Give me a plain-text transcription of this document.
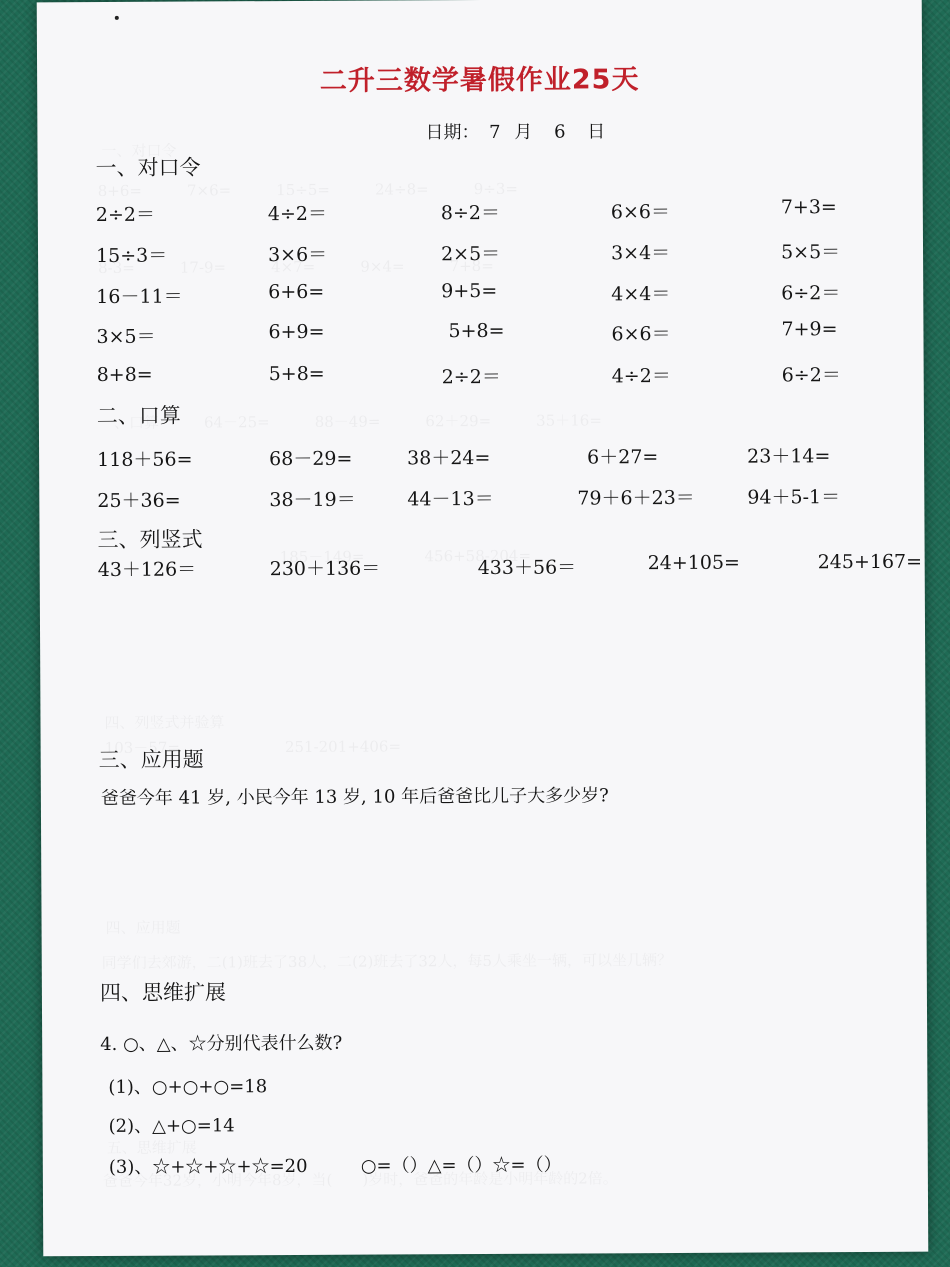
二升三数学暑假作业25天
日期： 7 月 6 日
一、对口令
2÷2＝	4÷2＝	8÷2＝	6×6＝	7+3=
15÷3＝	3×6＝	2×5＝	3×4＝	5×5＝
16－11＝	6+6=	9+5=	4×4＝	6÷2＝
3×5＝	6+9=	5+8=	6×6＝	7+9=
8+8=	5+8=	2÷2＝	4÷2＝	6÷2＝
二、口算
118＋56=	68－29=	38＋24=	6＋27=	23＋14=
25＋36=	38－19＝	44－13＝	79＋6＋23＝	94＋5-1＝
三、列竖式
43＋126＝	230＋136＝	433＋56＝	24+105=	245+167=
三、应用题
爸爸今年 41 岁, 小民今年 13 岁, 10 年后爸爸比儿子大多少岁?
四、思维扩展
4. ○、△、☆分别代表什么数?
(1)、○+○+○=18
(2)、△+○=14
(3)、☆+☆+☆+☆=20	○=（）△=（）☆=（）
